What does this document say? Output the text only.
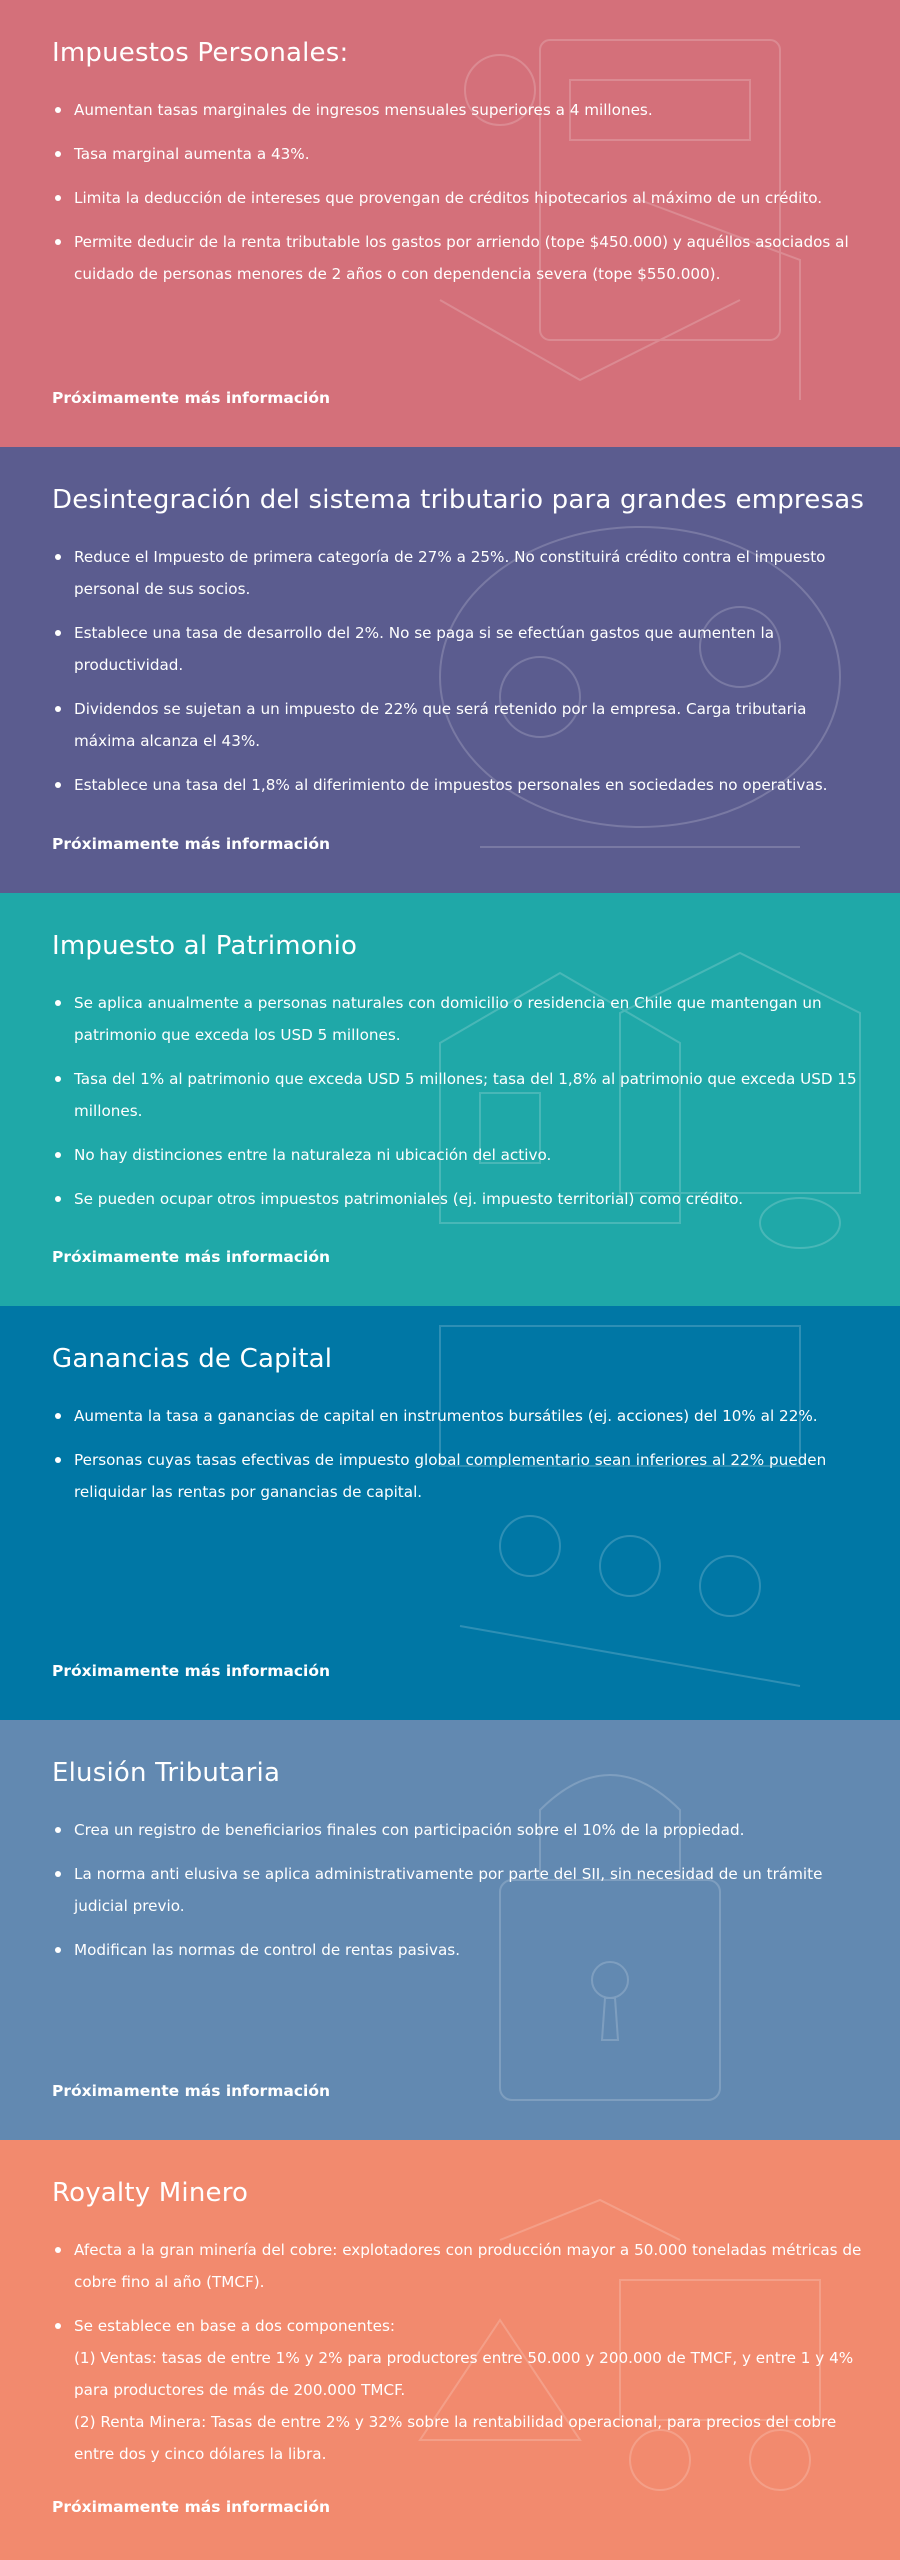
Impuestos Personales:
Aumentan tasas marginales de ingresos mensuales superiores a 4 millones.
Tasa marginal aumenta a 43%.
Limita la deducción de intereses que provengan de créditos hipotecarios al máximo de un crédito.
Permite deducir de la renta tributable los gastos por arriendo (tope $450.000) y aquéllos asociados al cuidado de personas menores de 2 años o con dependencia severa (tope $550.000).
Próximamente más información
Desintegración del sistema tributario para grandes empresas
Reduce el Impuesto de primera categoría de 27% a 25%. No constituirá crédito contra el impuesto personal de sus socios.
Establece una tasa de desarrollo del 2%. No se paga si se efectúan gastos que aumenten la productividad.
Dividendos se sujetan a un impuesto de 22% que será retenido por la empresa. Carga tributaria máxima alcanza el 43%.
Establece una tasa del 1,8% al diferimiento de impuestos personales en sociedades no operativas.
Próximamente más información
Impuesto al Patrimonio
Se aplica anualmente a personas naturales con domicilio o residencia en Chile que mantengan un patrimonio que exceda los USD 5 millones.
Tasa del 1% al patrimonio que exceda USD 5 millones; tasa del 1,8% al patrimonio que exceda USD 15 millones.
No hay distinciones entre la naturaleza ni ubicación del activo.
Se pueden ocupar otros impuestos patrimoniales (ej. impuesto territorial) como crédito.
Próximamente más información
Ganancias de Capital
Aumenta la tasa a ganancias de capital en instrumentos bursátiles (ej. acciones) del 10% al 22%.
Personas cuyas tasas efectivas de impuesto global complementario sean inferiores al 22% pueden reliquidar las rentas por ganancias de capital.
Próximamente más información
Elusión Tributaria
Crea un registro de beneficiarios finales con participación sobre el 10% de la propiedad.
La norma anti elusiva se aplica administrativamente por parte del SII, sin necesidad de un trámite judicial previo.
Modifican las normas de control de rentas pasivas.
Próximamente más información
Royalty Minero
Afecta a la gran minería del cobre: explotadores con producción mayor a 50.000 toneladas métricas de cobre fino al año (TMCF).
Se establece en base a dos componentes:
(1) Ventas: tasas de entre 1% y 2% para productores entre 50.000 y 200.000 de TMCF, y entre 1 y 4% para productores de más de 200.000 TMCF.
(2) Renta Minera: Tasas de entre 2% y 32% sobre la rentabilidad operacional, para precios del cobre entre dos y cinco dólares la libra.
Próximamente más información
